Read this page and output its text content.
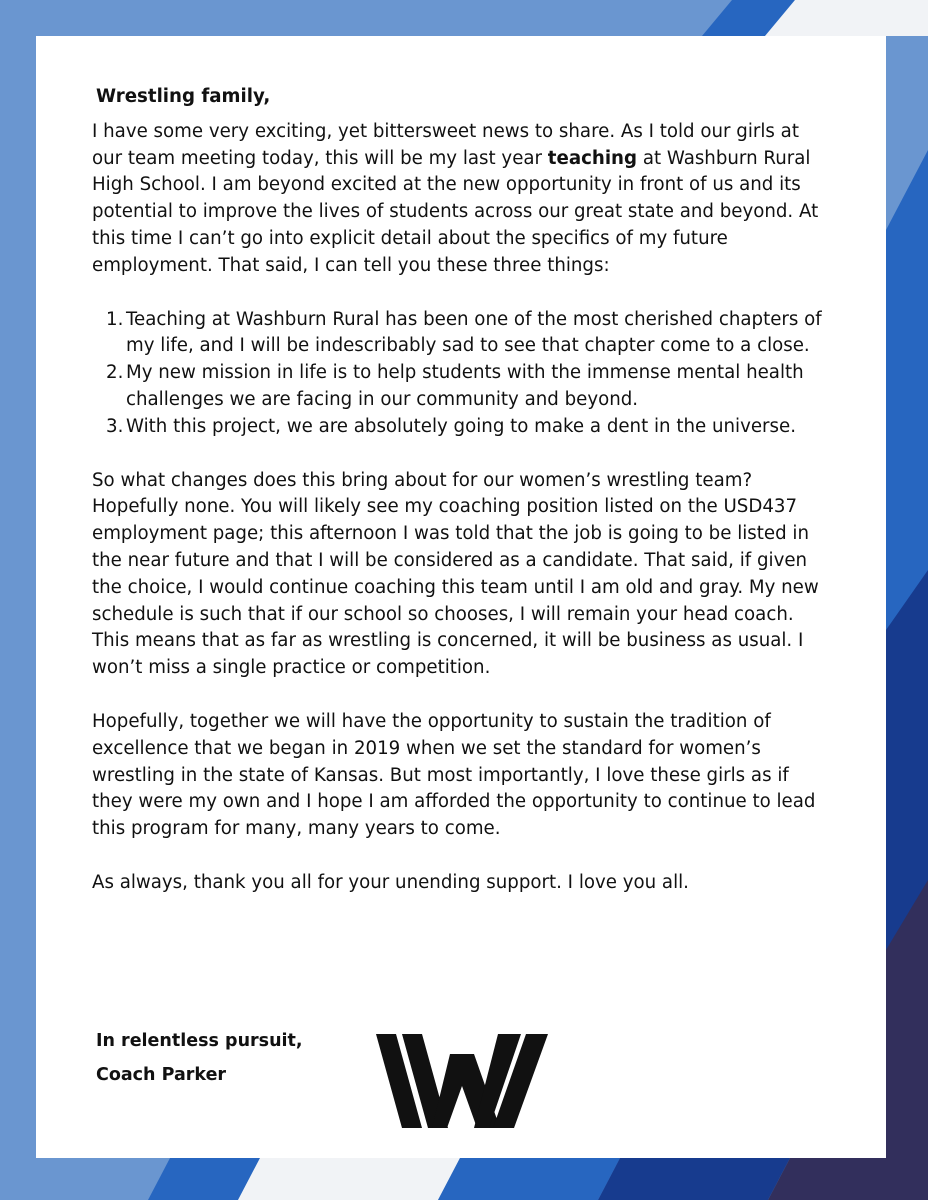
Wrestling family,

I have some very exciting, yet bittersweet news to share. As I told our girls at our team meeting today, this will be my last year teaching at Washburn Rural High School. I am beyond excited at the new opportunity in front of us and its potential to improve the lives of students across our great state and beyond. At this time I can’t go into explicit detail about the specifics of my future employment. That said, I can tell you these three things:

1. Teaching at Washburn Rural has been one of the most cherished chapters of my life, and I will be indescribably sad to see that chapter come to a close.
2. My new mission in life is to help students with the immense mental health challenges we are facing in our community and beyond.
3. With this project, we are absolutely going to make a dent in the universe.

So what changes does this bring about for our women’s wrestling team? Hopefully none. You will likely see my coaching position listed on the USD437 employment page; this afternoon I was told that the job is going to be listed in the near future and that I will be considered as a candidate. That said, if given the choice, I would continue coaching this team until I am old and gray. My new schedule is such that if our school so chooses, I will remain your head coach. This means that as far as wrestling is concerned, it will be business as usual. I won’t miss a single practice or competition.

Hopefully, together we will have the opportunity to sustain the tradition of excellence that we began in 2019 when we set the standard for women’s wrestling in the state of Kansas. But most importantly, I love these girls as if they were my own and I hope I am afforded the opportunity to continue to lead this program for many, many years to come.

As always, thank you all for your unending support. I love you all.

In relentless pursuit,
Coach Parker
